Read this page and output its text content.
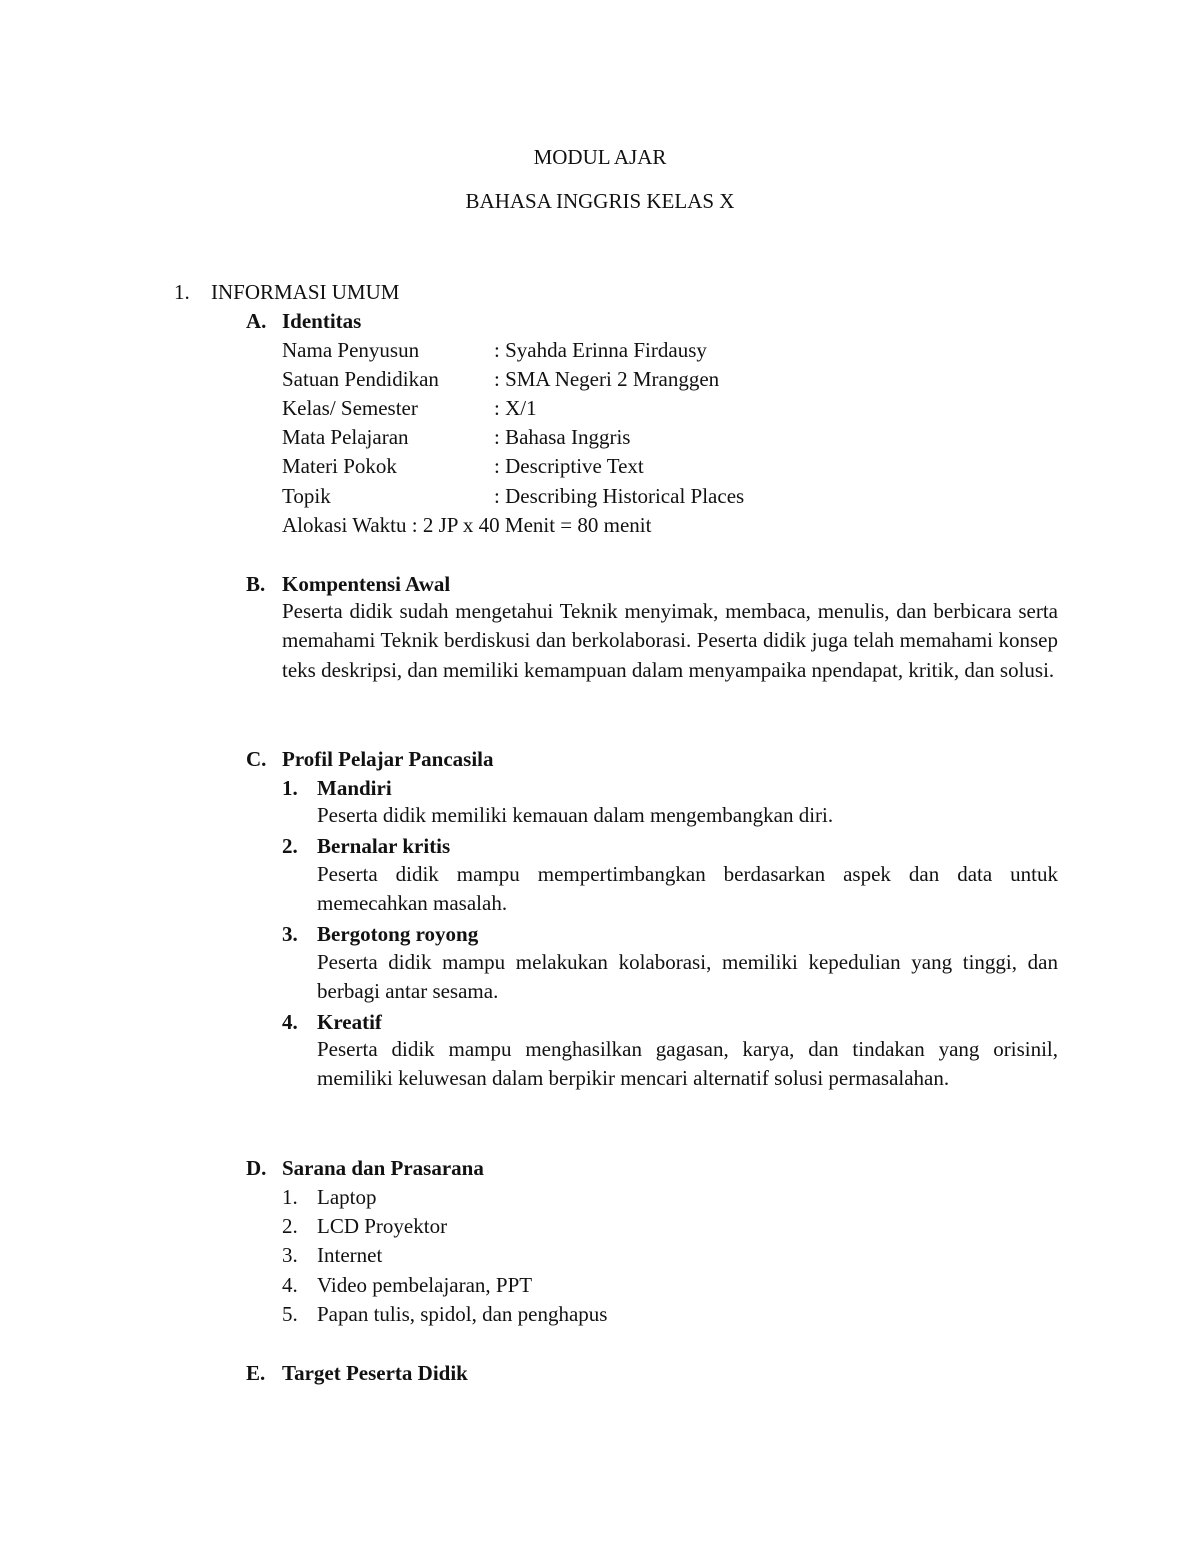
MODUL AJAR
BAHASA INGGRIS KELAS X
1. INFORMASI UMUM
A. Identitas
Nama Penyusun	: Syahda Erinna Firdausy
Satuan Pendidikan	: SMA Negeri 2 Mranggen
Kelas/ Semester	: X/1
Mata Pelajaran	: Bahasa Inggris
Materi Pokok	: Descriptive Text
Topik	: Describing Historical Places
Alokasi Waktu : 2 JP x 40 Menit = 80 menit
B. Kompentensi Awal
Peserta didik sudah mengetahui Teknik menyimak, membaca, menulis, dan berbicara serta memahami Teknik berdiskusi dan berkolaborasi. Peserta didik juga telah memahami konsep teks deskripsi, dan memiliki kemampuan dalam menyampaika npendapat, kritik, dan solusi.
C. Profil Pelajar Pancasila
1. Mandiri
Peserta didik memiliki kemauan dalam mengembangkan diri.
2. Bernalar kritis
Peserta didik mampu mempertimbangkan berdasarkan aspek dan data untuk memecahkan masalah.
3. Bergotong royong
Peserta didik mampu melakukan kolaborasi, memiliki kepedulian yang tinggi, dan berbagi antar sesama.
4. Kreatif
Peserta didik mampu menghasilkan gagasan, karya, dan tindakan yang orisinil, memiliki keluwesan dalam berpikir mencari alternatif solusi permasalahan.
D. Sarana dan Prasarana
1. Laptop
2. LCD Proyektor
3. Internet
4. Video pembelajaran, PPT
5. Papan tulis, spidol, dan penghapus
E. Target Peserta Didik
